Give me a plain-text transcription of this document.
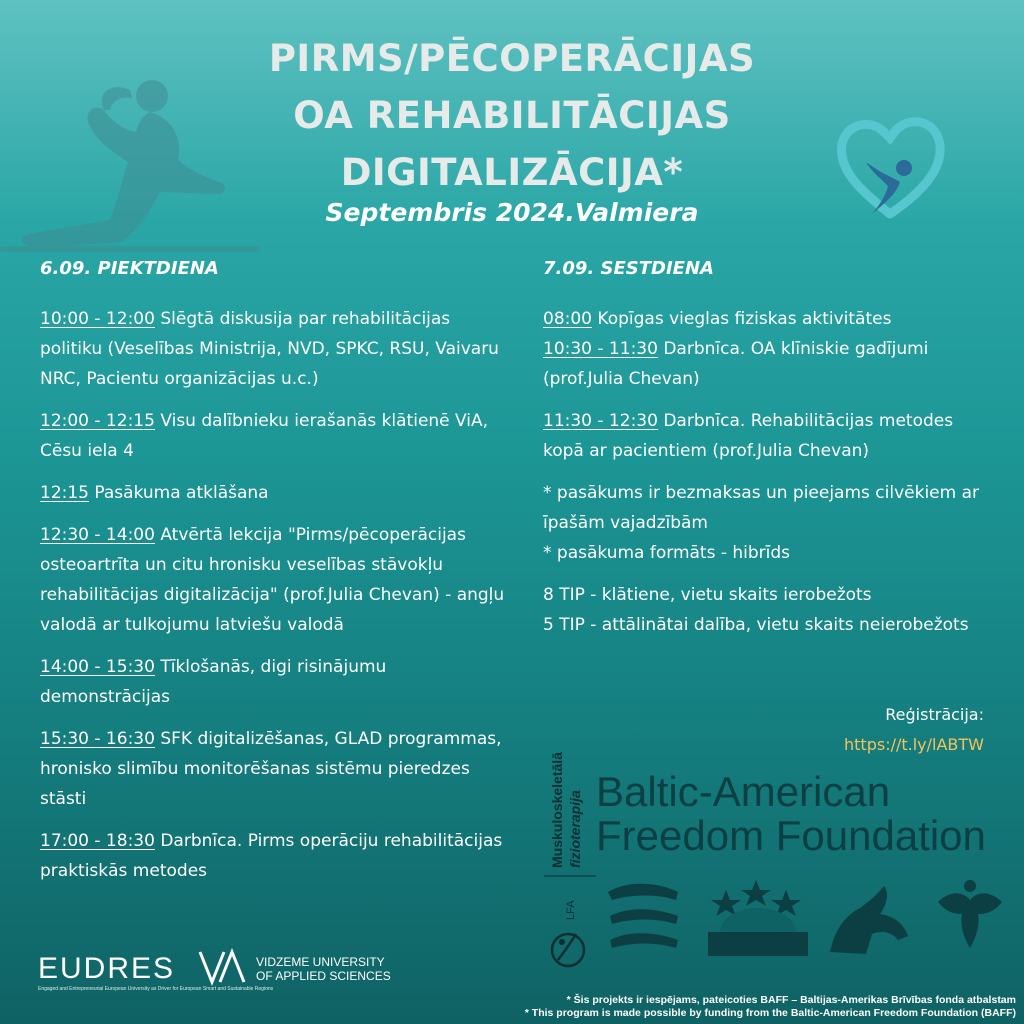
PIRMS/PĒCOPERĀCIJAS
OA REHABILITĀCIJAS
DIGITALIZĀCIJA*
Septembris 2024.Valmiera
6.09. PIEKTDIENA
10:00 - 12:00 Slēgtā diskusija par rehabilitācijas politiku (Veselības Ministrija, NVD, SPKC, RSU, Vaivaru NRC, Pacientu organizācijas u.c.)
12:00 - 12:15 Visu dalībnieku ierašanās klātienē ViA, Cēsu iela 4
12:15 Pasākuma atklāšana
12:30 - 14:00 Atvērtā lekcija "Pirms/pēcoperācijas osteoartrīta un citu hronisku veselības stāvokļu rehabilitācijas digitalizācija" (prof.Julia Chevan) - angļu valodā ar tulkojumu latviešu valodā
14:00 - 15:30 Tīklošanās, digi risinājumu demonstrācijas
15:30 - 16:30 SFK digitalizēšanas, GLAD programmas, hronisko slimību monitorēšanas sistēmu pieredzes stāsti
17:00 - 18:30 Darbnīca. Pirms operāciju rehabilitācijas praktiskās metodes
7.09. SESTDIENA
08:00 Kopīgas vieglas fiziskas aktivitātes
10:30 - 11:30 Darbnīca. OA klīniskie gadījumi (prof.Julia Chevan)
11:30 - 12:30 Darbnīca. Rehabilitācijas metodes kopā ar pacientiem (prof.Julia Chevan)
* pasākums ir bezmaksas un pieejams cilvēkiem ar īpašām vajadzībām
* pasākuma formāts - hibrīds
8 TIP - klātiene, vietu skaits ierobežots
5 TIP - attālinātai dalība, vietu skaits neierobežots
Reģistrācija:
https://t.ly/lABTW
Muskuloskeletālā fizioterapija
LFA
Baltic-American
Freedom Foundation
EUDRES
Engaged and Entrepreneurial European University as Driver for European Smart and Sustainable Regions
VIDZEME UNIVERSITY
OF APPLIED SCIENCES
* Šis projekts ir iespējams, pateicoties BAFF – Baltijas-Amerikas Brīvības fonda atbalstam
* This program is made possible by funding from the Baltic-American Freedom Foundation (BAFF)
